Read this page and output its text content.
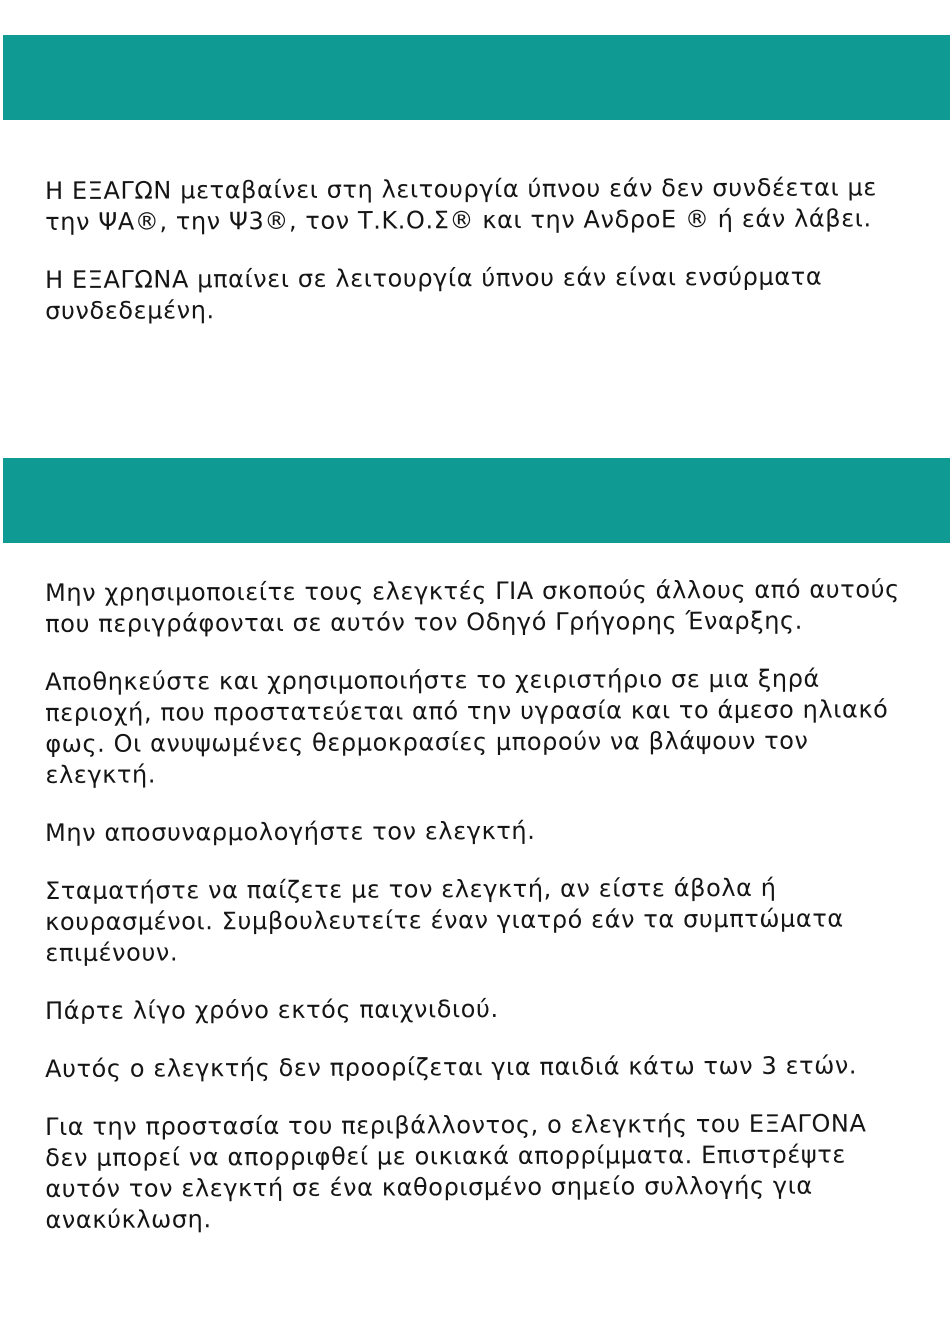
Η ΕΞΑΓΩΝ μεταβαίνει στη λειτουργία ύπνου εάν δεν συνδέεται με την ΨΑ®, την Ψ3®, τον Τ.Κ.Ο.Σ® και την ΑνδροΕ ® ή εάν λάβει.

Η ΕΞΑΓΩΝΑ μπαίνει σε λειτουργία ύπνου εάν είναι ενσύρματα συνδεδεμένη.

Μην χρησιμοποιείτε τους ελεγκτές ΓΙΑ σκοπούς άλλους από αυτούς που περιγράφονται σε αυτόν τον Οδηγό Γρήγορης Έναρξης.

Αποθηκεύστε και χρησιμοποιήστε το χειριστήριο σε μια ξηρά περιοχή, που προστατεύεται από την υγρασία και το άμεσο ηλιακό φως. Οι ανυψωμένες θερμοκρασίες μπορούν να βλάψουν τον ελεγκτή.

Μην αποσυναρμολογήστε τον ελεγκτή.

Σταματήστε να παίζετε με τον ελεγκτή, αν είστε άβολα ή κουρασμένοι. Συμβουλευτείτε έναν γιατρό εάν τα συμπτώματα επιμένουν.

Πάρτε λίγο χρόνο εκτός παιχνιδιού.

Αυτός ο ελεγκτής δεν προορίζεται για παιδιά κάτω των 3 ετών.

Για την προστασία του περιβάλλοντος, ο ελεγκτής του ΕΞΑΓΟΝΑ δεν μπορεί να απορριφθεί με οικιακά απορρίμματα. Επιστρέψτε αυτόν τον ελεγκτή σε ένα καθορισμένο σημείο συλλογής για ανακύκλωση.
